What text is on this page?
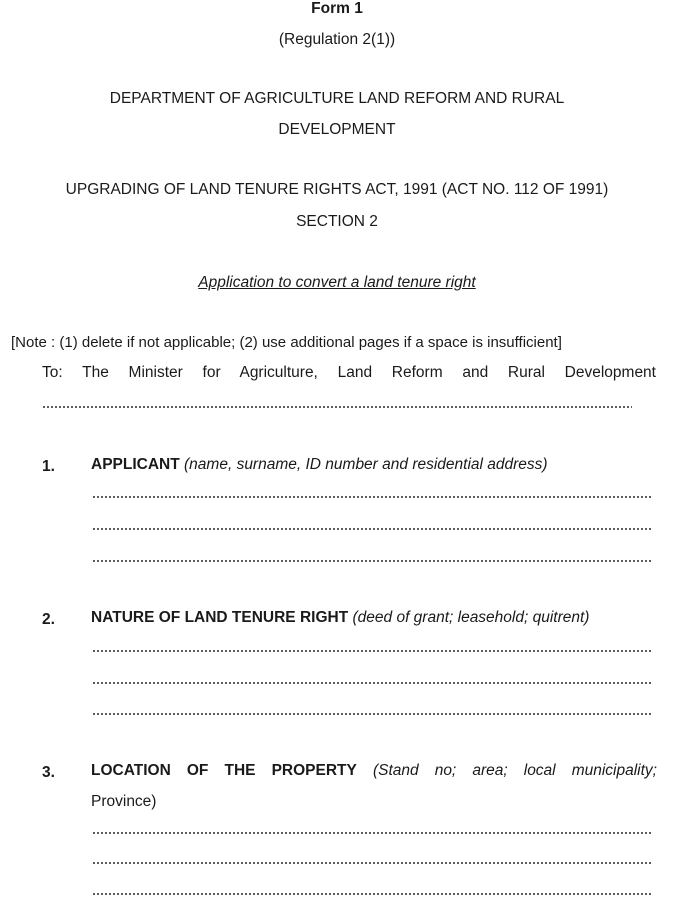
Form 1
(Regulation 2(1))
DEPARTMENT OF AGRICULTURE LAND REFORM AND RURAL
DEVELOPMENT
UPGRADING OF LAND TENURE RIGHTS ACT, 1991 (ACT NO. 112 OF 1991)
SECTION 2
Application to convert a land tenure right
[Note : (1) delete if not applicable; (2) use additional pages if a space is insufficient]
To: The Minister for Agriculture, Land Reform and Rural Development
1. APPLICANT (name, surname, ID number and residential address)
2. NATURE OF LAND TENURE RIGHT (deed of grant; leasehold; quitrent)
3. LOCATION OF THE PROPERTY (Stand no; area; local municipality;
Province)
